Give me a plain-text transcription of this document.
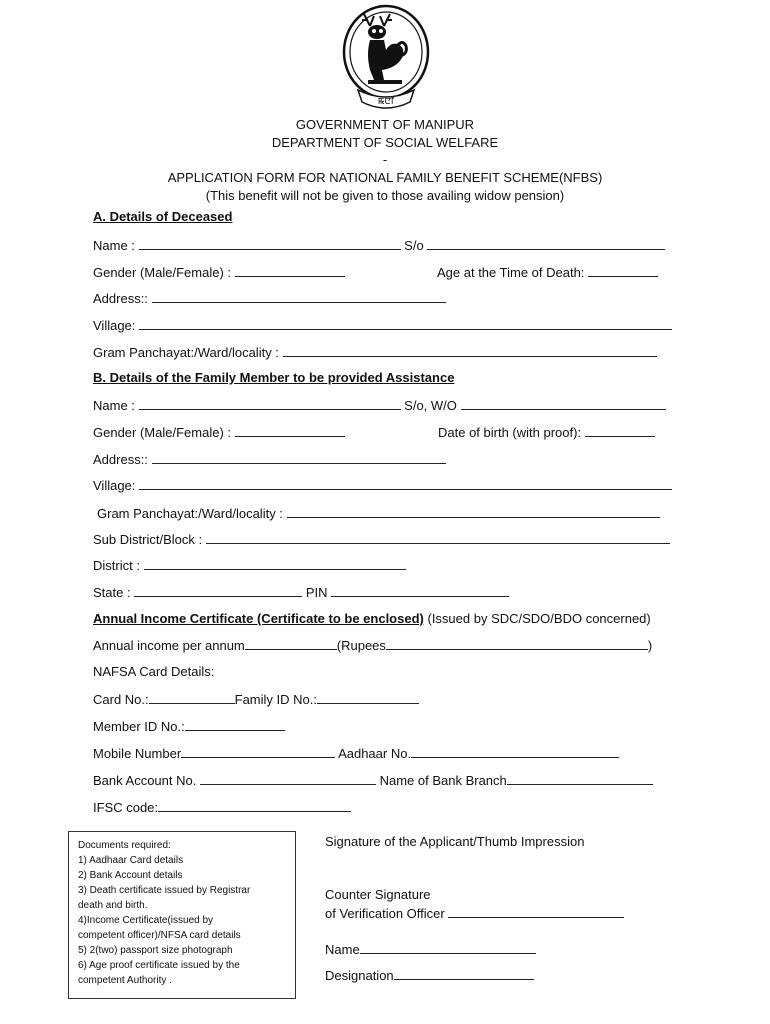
ꯃꯅꯤ
GOVERNMENT OF MANIPUR
DEPARTMENT OF SOCIAL WELFARE
-
APPLICATION FORM FOR NATIONAL FAMILY BENEFIT SCHEME(NFBS)
(This benefit will not be given to those availing widow pension)
A. Details of Deceased
Name :	S/o
Gender (Male/Female) :	Age at the Time of Death:
Address::
Village:
Gram Panchayat:/Ward/locality :
B. Details of the Family Member to be provided Assistance
Name :	S/o, W/O
Gender (Male/Female) :	Date of birth (with proof):
Address::
Village:
Gram Panchayat:/Ward/locality :
Sub District/Block :
District :
State :	PIN
Annual Income Certificate (Certificate to be enclosed) (Issued by SDC/SDO/BDO concerned)
Annual income per annum	(Rupees	)
NAFSA Card Details:
Card No.:	Family ID No.:
Member ID No.:
Mobile Number	Aadhaar No.
Bank Account No.	Name of Bank Branch
IFSC code:
Documents required:
1) Aadhaar Card details
2) Bank Account details
3) Death certificate issued by Registrar
death and birth.
4)Income Certificate(issued by
competent officer)/NFSA card details
5) 2(two) passport size photograph
6) Age proof certificate issued by the
competent Authority .
Signature of the Applicant/Thumb Impression
Counter Signature
of Verification Officer
Name
Designation
